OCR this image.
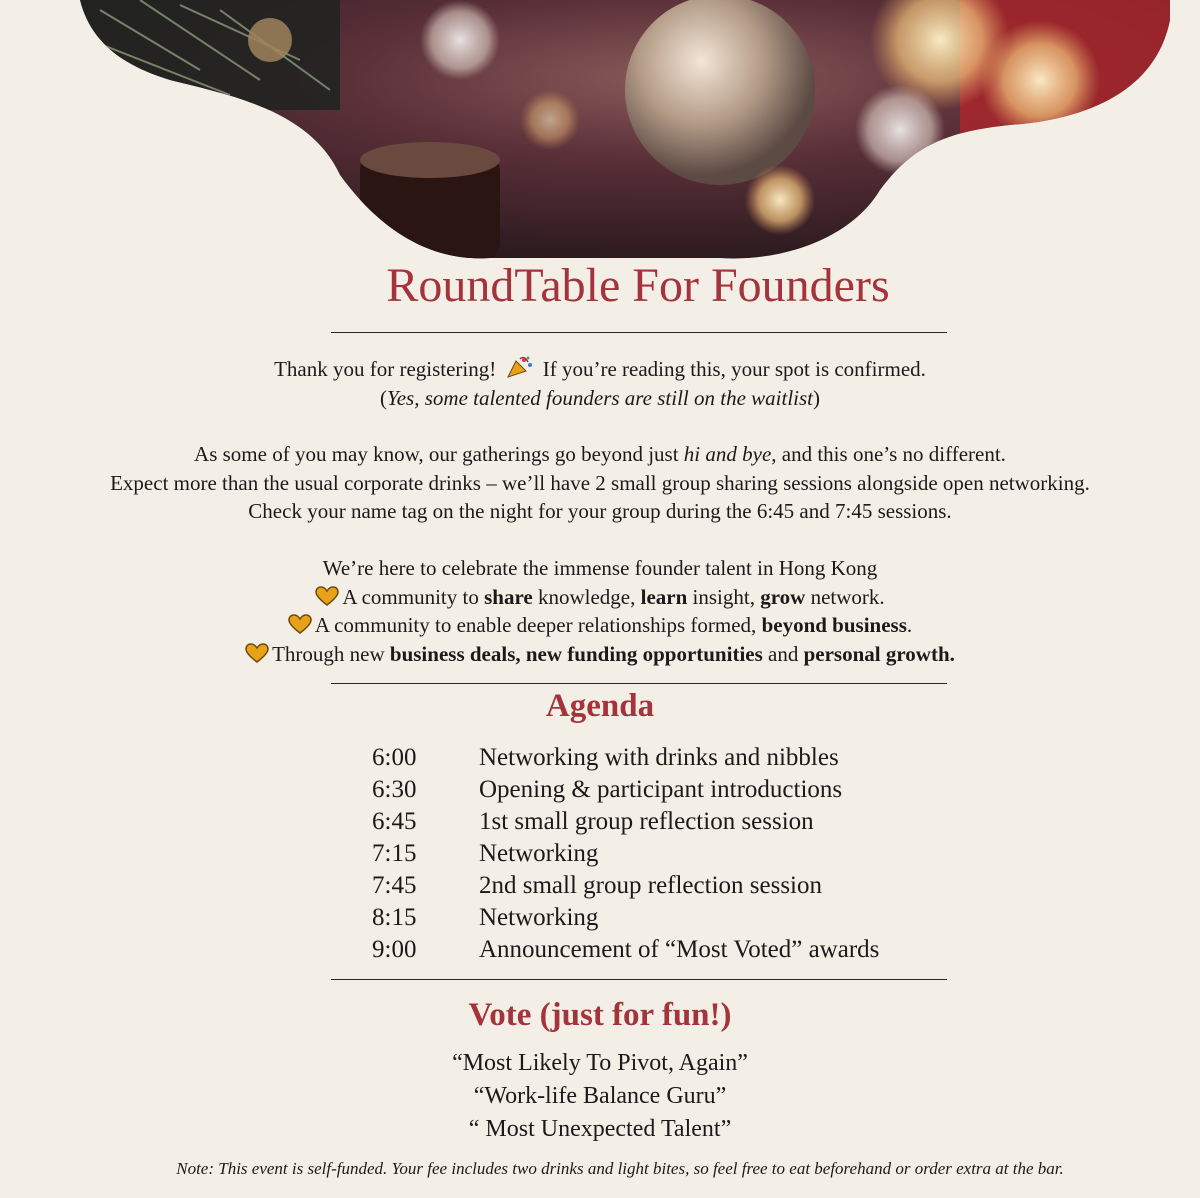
RoundTable For Founders
Thank you for registering! If you’re reading this, your spot is confirmed.
(Yes, some talented founders are still on the waitlist)
As some of you may know, our gatherings go beyond just hi and bye, and this one’s no different.
Expect more than the usual corporate drinks – we’ll have 2 small group sharing sessions alongside open networking.
Check your name tag on the night for your group during the 6:45 and 7:45 sessions.
We’re here to celebrate the immense founder talent in Hong Kong
A community to share knowledge, learn insight, grow network.
A community to enable deeper relationships formed, beyond business.
Through new business deals, new funding opportunities and personal growth.
Agenda
6:00	Networking with drinks and nibbles
6:30	Opening & participant introductions
6:45	1st small group reflection session
7:15	Networking
7:45	2nd small group reflection session
8:15	Networking
9:00	Announcement of “Most Voted” awards
Vote (just for fun!)
“Most Likely To Pivot, Again”
“Work-life Balance Guru”
“ Most Unexpected Talent”
Note: This event is self-funded. Your fee includes two drinks and light bites, so feel free to eat beforehand or order extra at the bar.
